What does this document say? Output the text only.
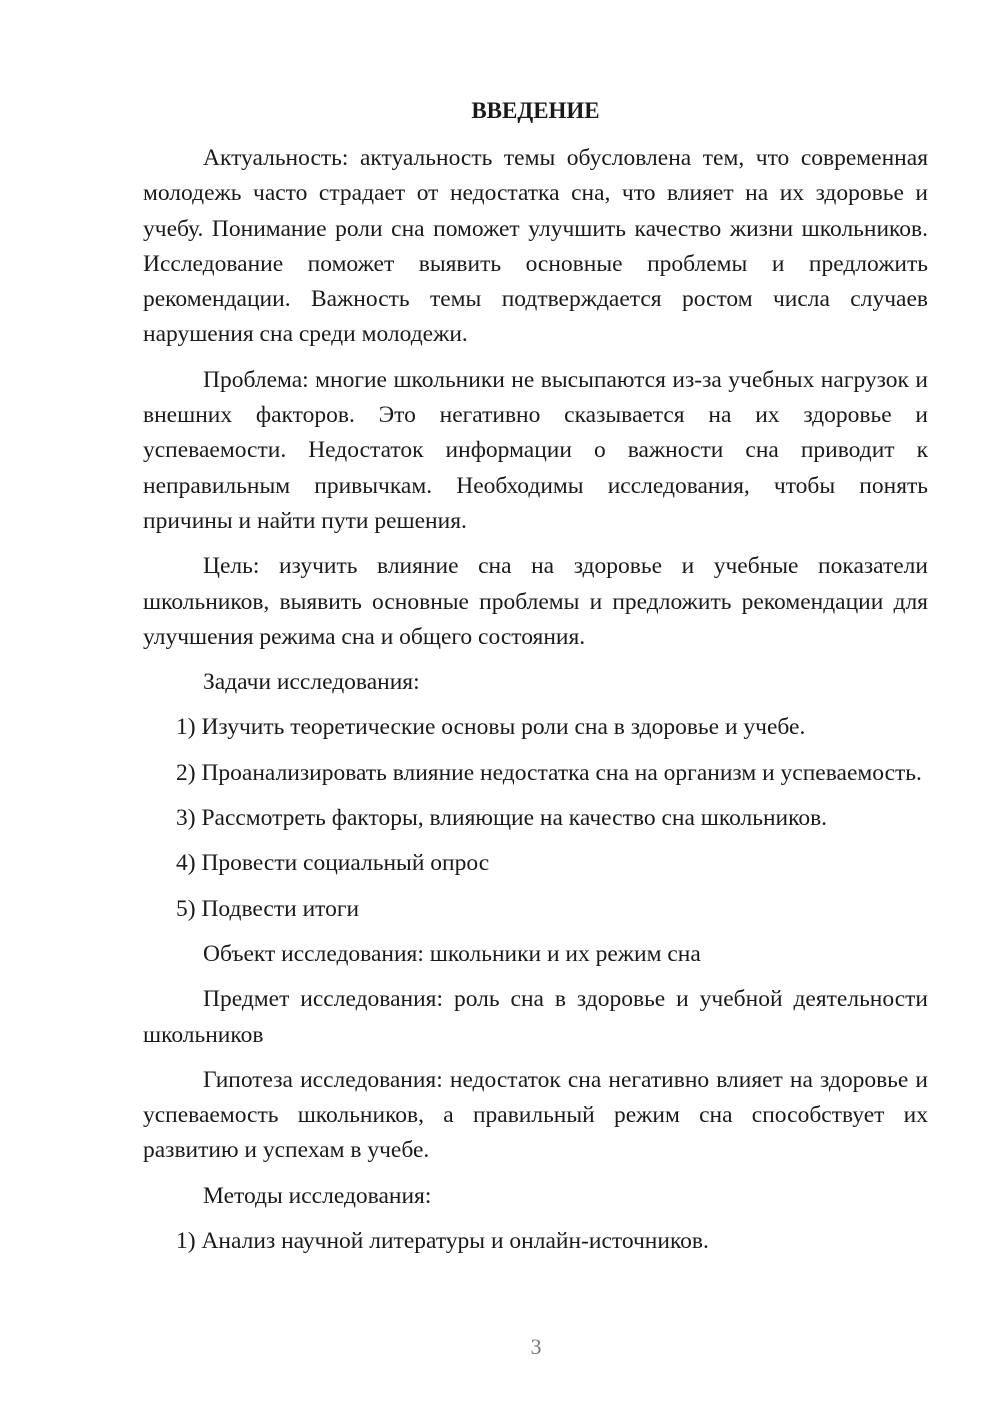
ВВЕДЕНИЕ

Актуальность: актуальность темы обусловлена тем, что современная молодежь часто страдает от недостатка сна, что влияет на их здоровье и учебу. Понимание роли сна поможет улучшить качество жизни школьников. Исследование поможет выявить основные проблемы и предложить рекомендации. Важность темы подтверждается ростом числа случаев нарушения сна среди молодежи.

Проблема: многие школьники не высыпаются из-за учебных нагрузок и внешних факторов. Это негативно сказывается на их здоровье и успеваемости. Недостаток информации о важности сна приводит к неправильным привычкам. Необходимы исследования, чтобы понять причины и найти пути решения.

Цель: изучить влияние сна на здоровье и учебные показатели школьников, выявить основные проблемы и предложить рекомендации для улучшения режима сна и общего состояния.

Задачи исследования:

1) Изучить теоретические основы роли сна в здоровье и учебе.

2) Проанализировать влияние недостатка сна на организм и успеваемость.

3) Рассмотреть факторы, влияющие на качество сна школьников.

4) Провести социальный опрос

5) Подвести итоги

Объект исследования: школьники и их режим сна

Предмет исследования: роль сна в здоровье и учебной деятельности школьников

Гипотеза исследования: недостаток сна негативно влияет на здоровье и успеваемость школьников, а правильный режим сна способствует их развитию и успехам в учебе.

Методы исследования:

1) Анализ научной литературы и онлайн-источников.

3
